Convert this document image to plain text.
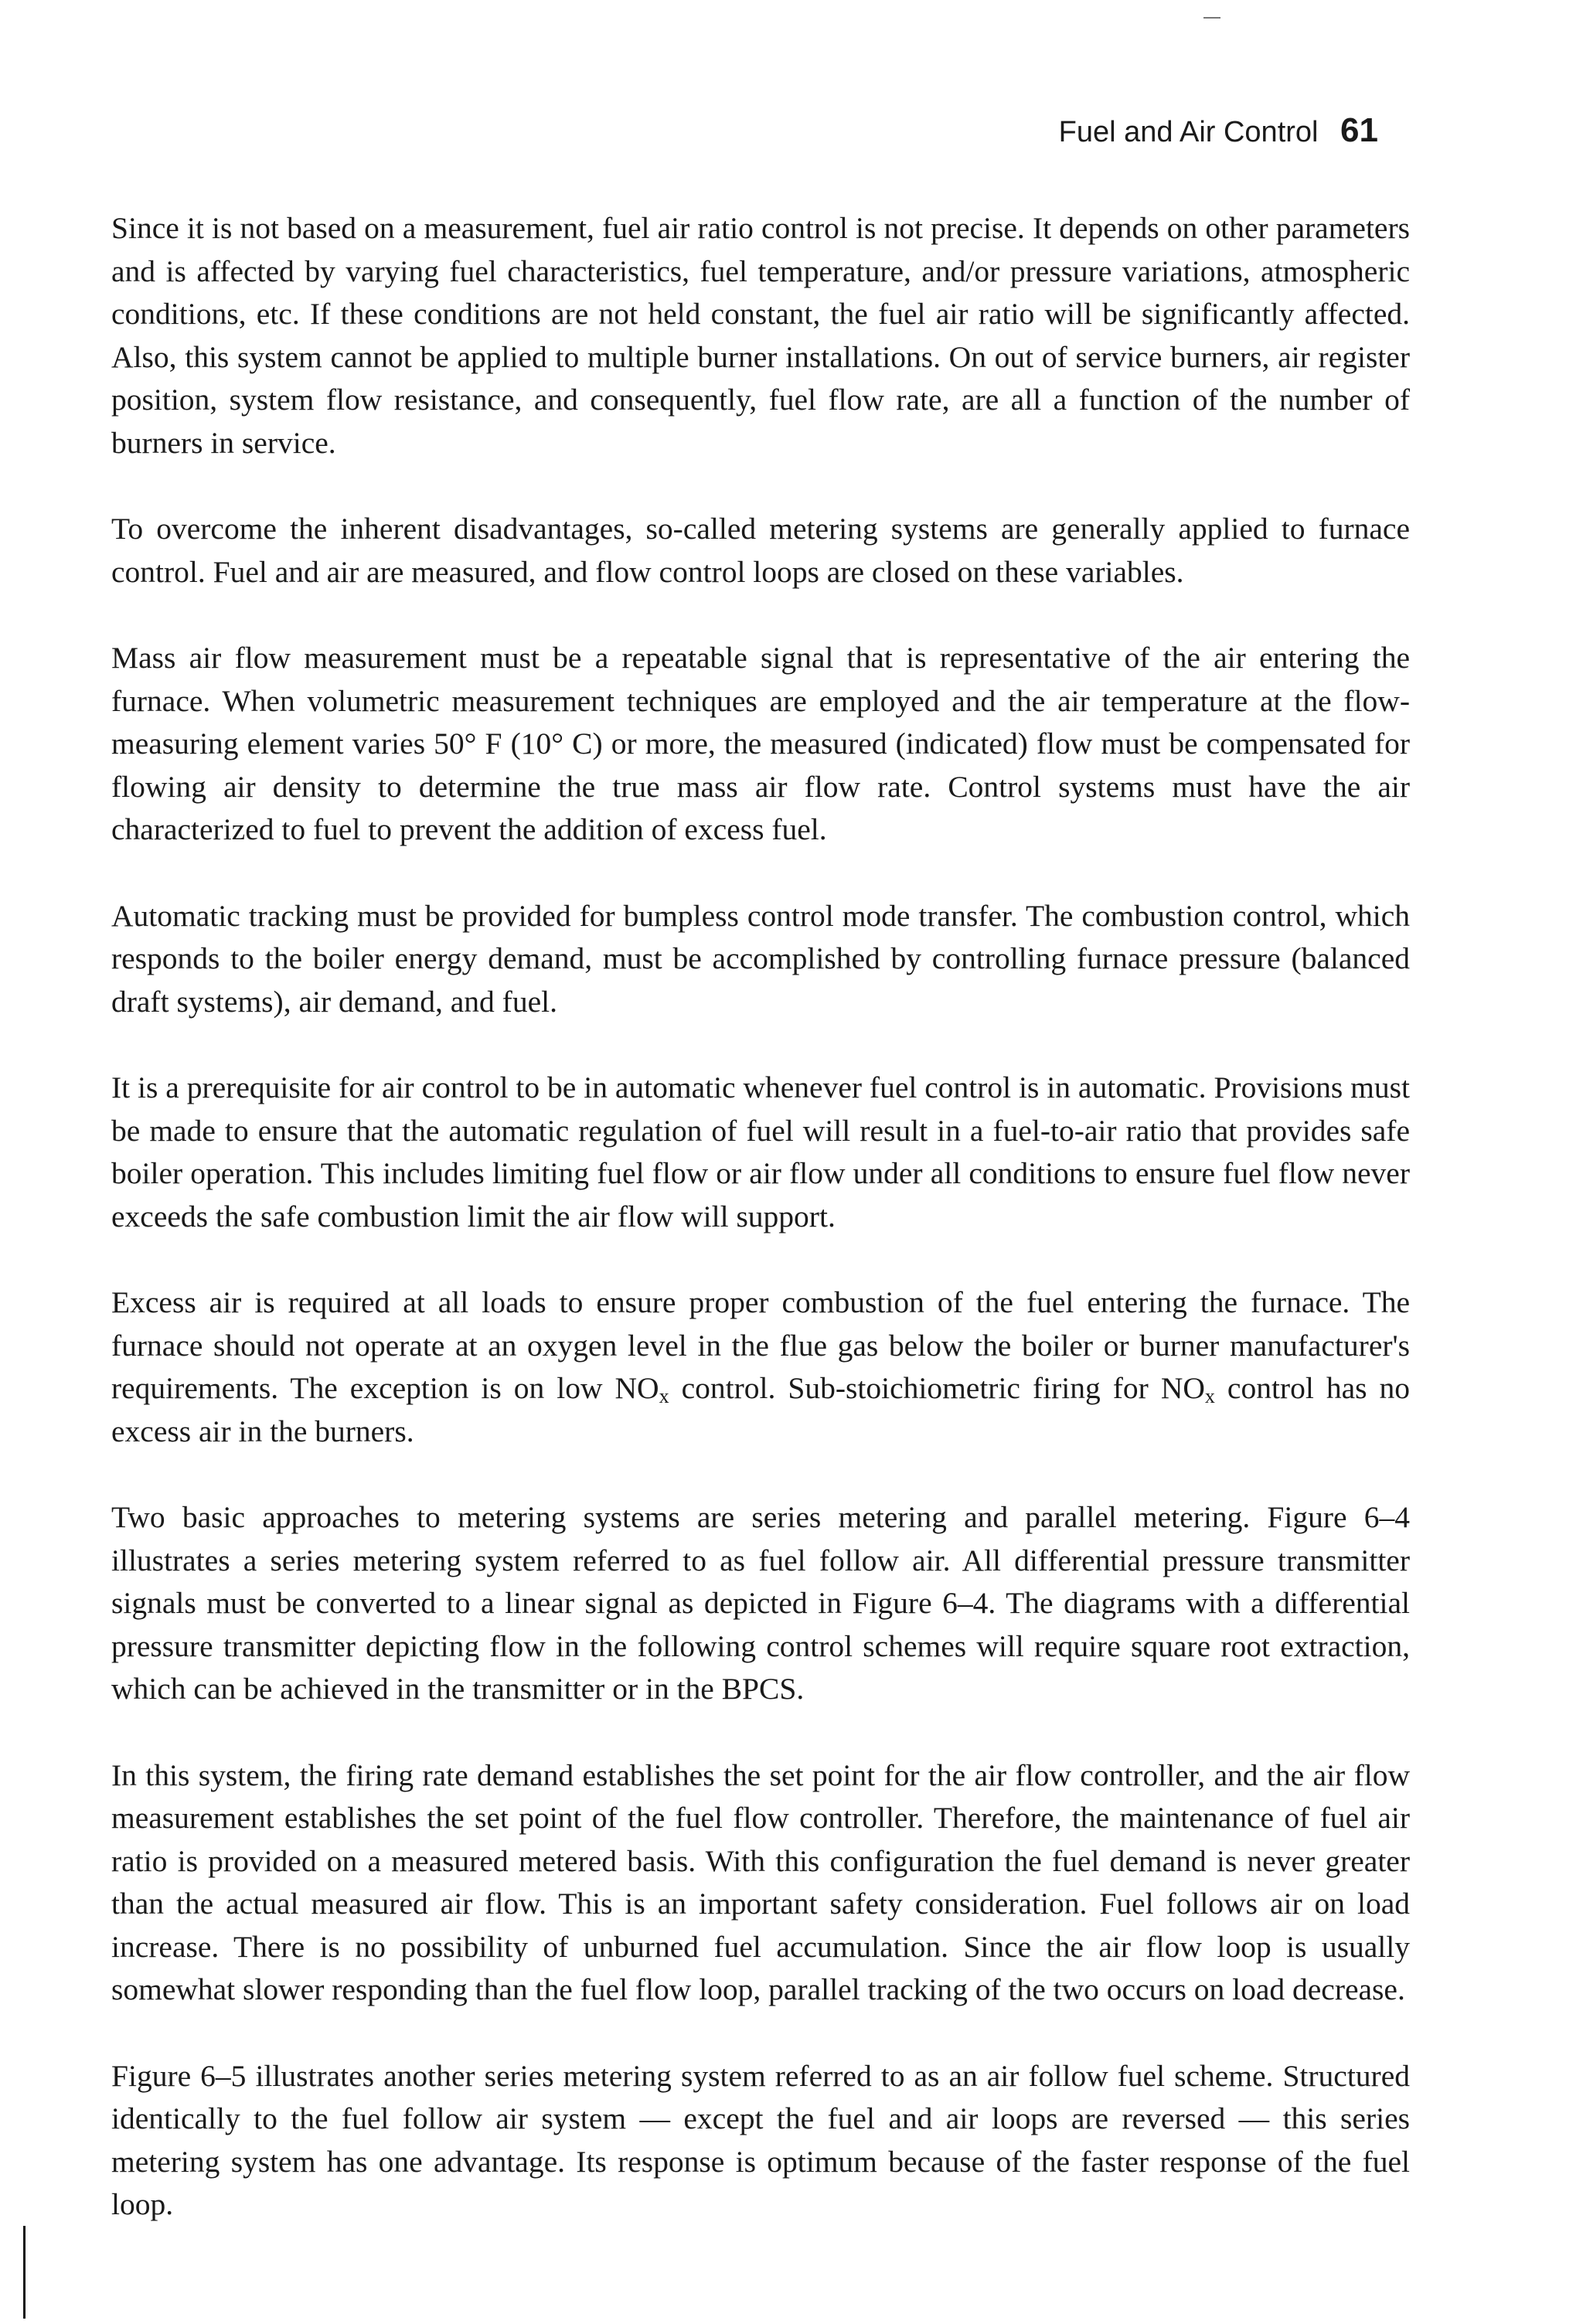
Fuel and Air Control 61

Since it is not based on a measurement, fuel air ratio control is not precise. It depends on other parameters and is affected by varying fuel characteristics, fuel temperature, and/or pressure variations, atmospheric conditions, etc. If these conditions are not held constant, the fuel air ratio will be significantly affected. Also, this system cannot be applied to multiple burner installations. On out of service burners, air register position, system flow resistance, and consequently, fuel flow rate, are all a function of the number of burners in service.

To overcome the inherent disadvantages, so-called metering systems are generally applied to furnace control. Fuel and air are measured, and flow control loops are closed on these variables.

Mass air flow measurement must be a repeatable signal that is representative of the air entering the furnace. When volumetric measurement techniques are employed and the air temperature at the flow-measuring element varies 50° F (10° C) or more, the measured (indicated) flow must be compensated for flowing air density to determine the true mass air flow rate. Control systems must have the air characterized to fuel to prevent the addition of excess fuel.

Automatic tracking must be provided for bumpless control mode transfer. The combustion control, which responds to the boiler energy demand, must be accomplished by controlling furnace pressure (balanced draft systems), air demand, and fuel.

It is a prerequisite for air control to be in automatic whenever fuel control is in automatic. Provisions must be made to ensure that the automatic regulation of fuel will result in a fuel-to-air ratio that provides safe boiler operation. This includes limiting fuel flow or air flow under all conditions to ensure fuel flow never exceeds the safe combustion limit the air flow will support.

Excess air is required at all loads to ensure proper combustion of the fuel entering the furnace. The furnace should not operate at an oxygen level in the flue gas below the boiler or burner manufacturer's requirements. The exception is on low $NO_x$ control. Sub-stoichiometric firing for $NO_x$ control has no excess air in the burners.

Two basic approaches to metering systems are series metering and parallel metering. Figure 6–4 illustrates a series metering system referred to as fuel follow air. All differential pressure transmitter signals must be converted to a linear signal as depicted in Figure 6–4. The diagrams with a differential pressure transmitter depicting flow in the following control schemes will require square root extraction, which can be achieved in the transmitter or in the BPCS.

In this system, the firing rate demand establishes the set point for the air flow controller, and the air flow measurement establishes the set point of the fuel flow controller. Therefore, the maintenance of fuel air ratio is provided on a measured metered basis. With this configuration the fuel demand is never greater than the actual measured air flow. This is an important safety consideration. Fuel follows air on load increase. There is no possibility of unburned fuel accumulation. Since the air flow loop is usually somewhat slower responding than the fuel flow loop, parallel tracking of the two occurs on load decrease.

Figure 6–5 illustrates another series metering system referred to as an air follow fuel scheme. Structured identically to the fuel follow air system — except the fuel and air loops are reversed — this series metering system has one advantage. Its response is optimum because of the faster response of the fuel loop.
